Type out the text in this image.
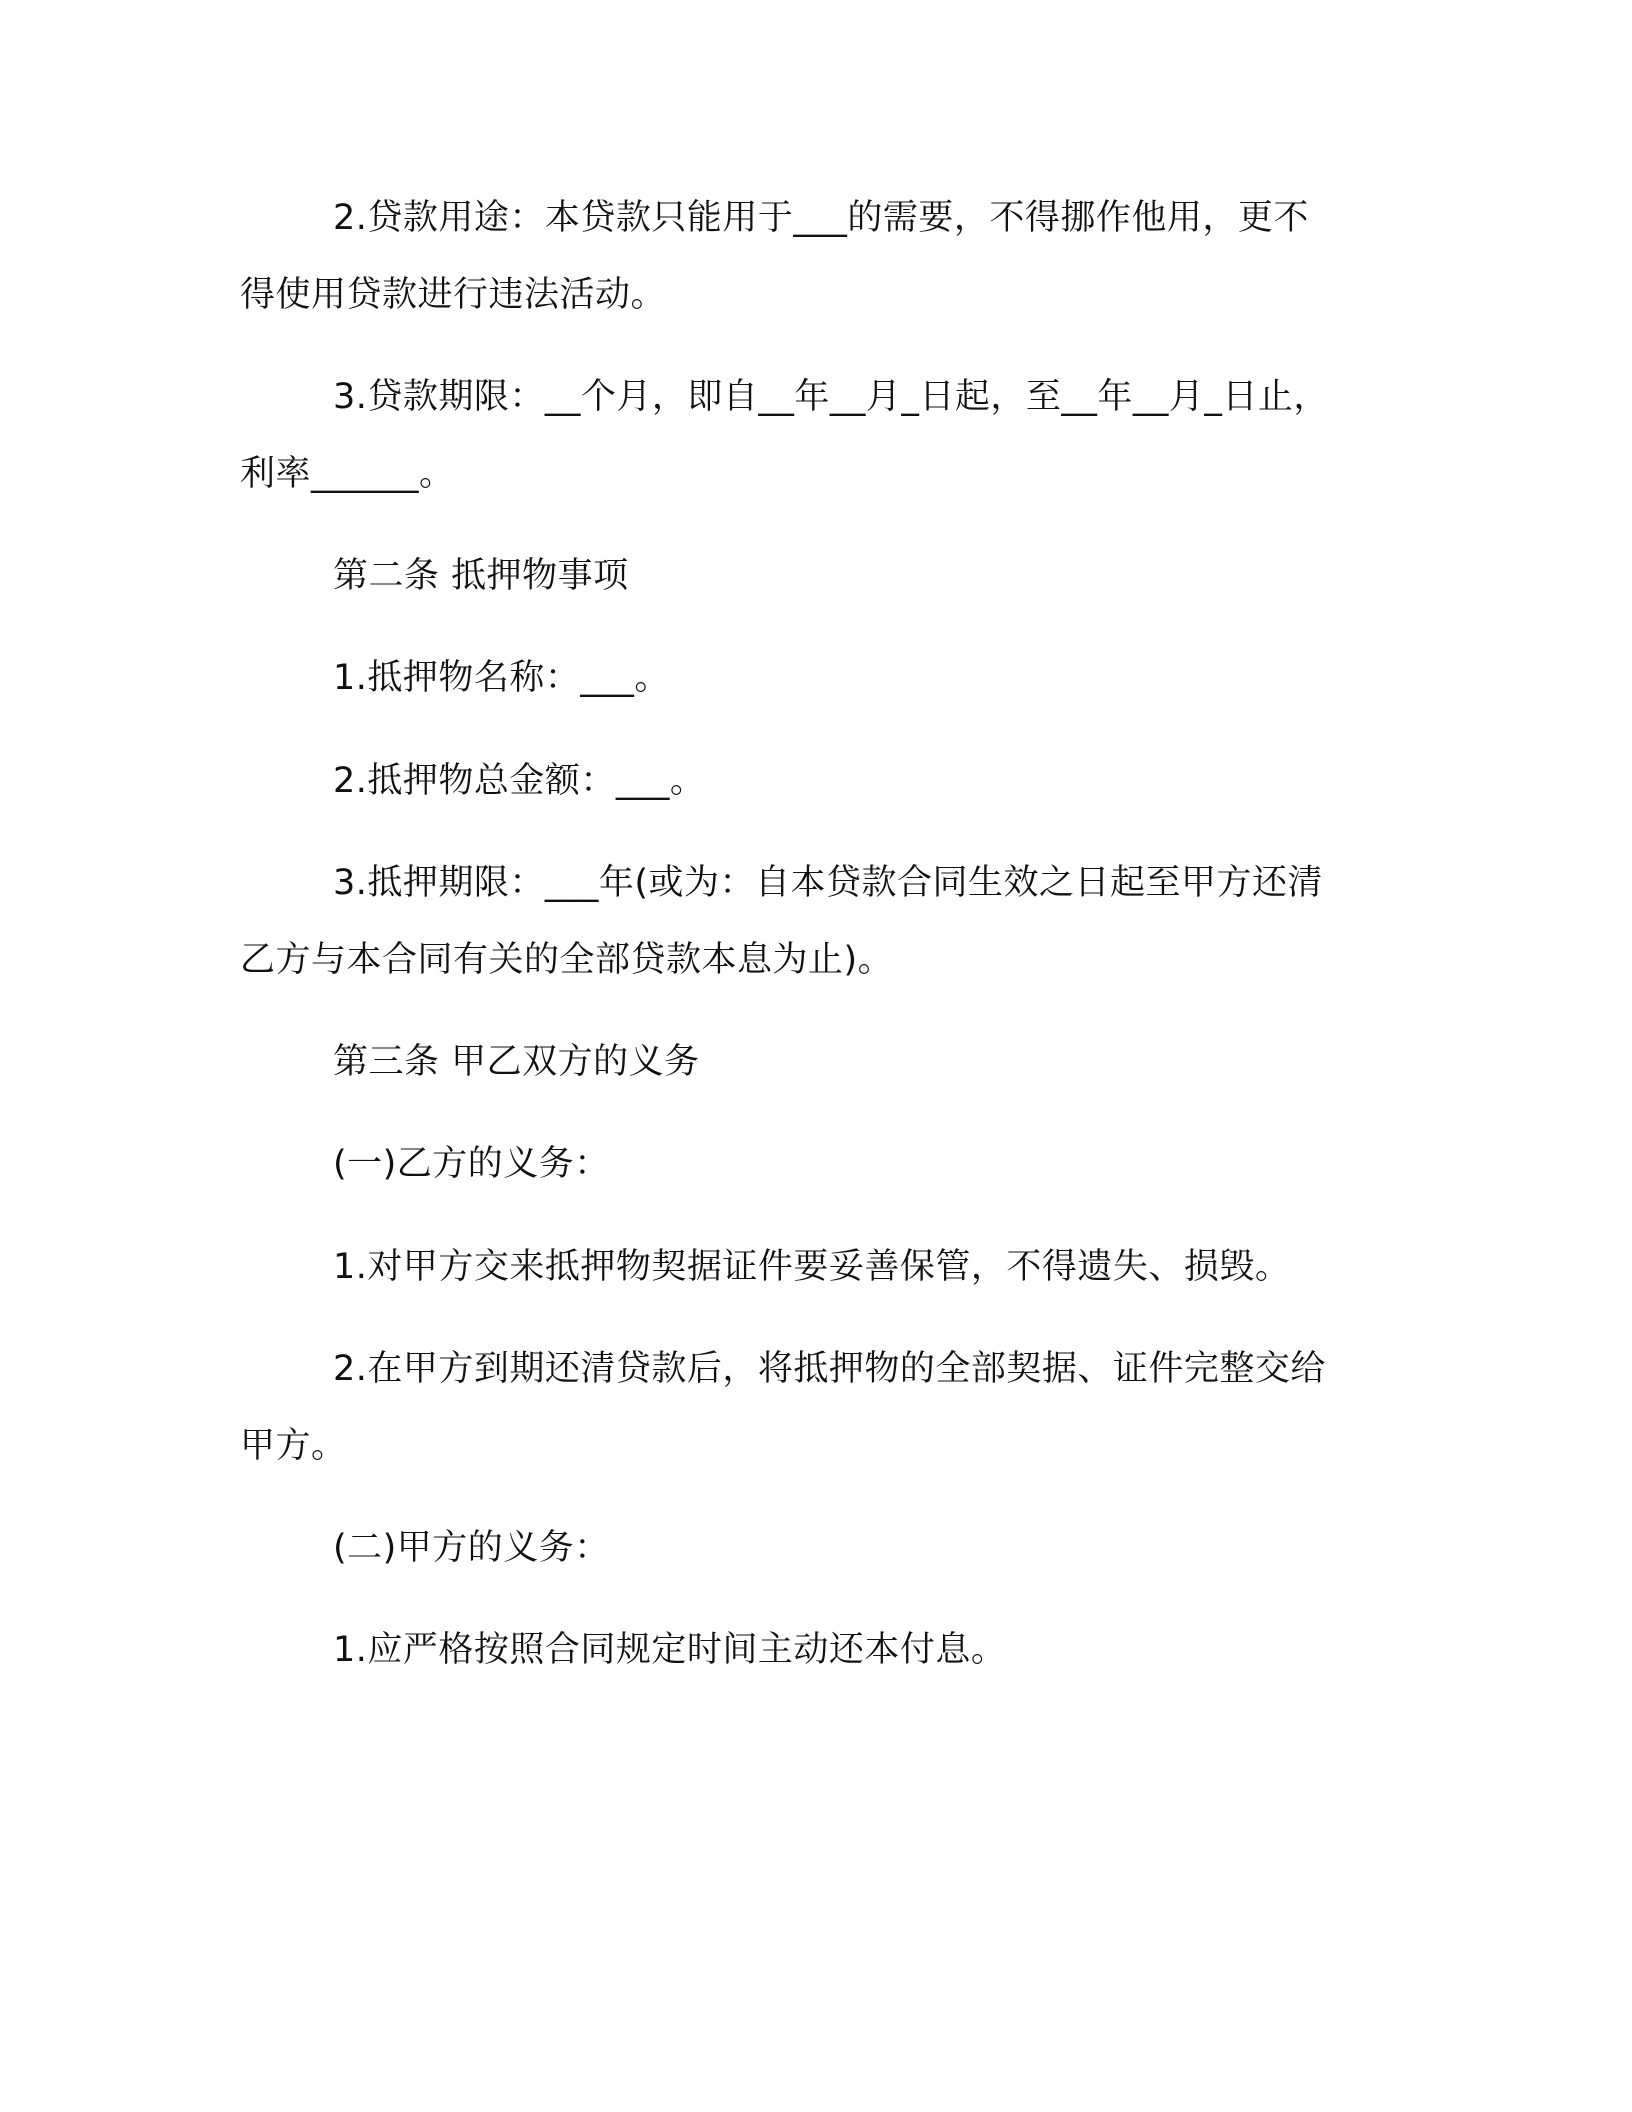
2.贷款用途：本贷款只能用于___的需要，不得挪作他用，更不
得使用贷款进行违法活动。
3.贷款期限：__个月，即自__年__月_日起，至__年__月_日止，
利率______。
第二条 抵押物事项
1.抵押物名称：___。
2.抵押物总金额：___。
3.抵押期限：___年(或为：自本贷款合同生效之日起至甲方还清
乙方与本合同有关的全部贷款本息为止)。
第三条 甲乙双方的义务
(一)乙方的义务：
1.对甲方交来抵押物契据证件要妥善保管，不得遗失、损毁。
2.在甲方到期还清贷款后，将抵押物的全部契据、证件完整交给
甲方。
(二)甲方的义务：
1.应严格按照合同规定时间主动还本付息。
